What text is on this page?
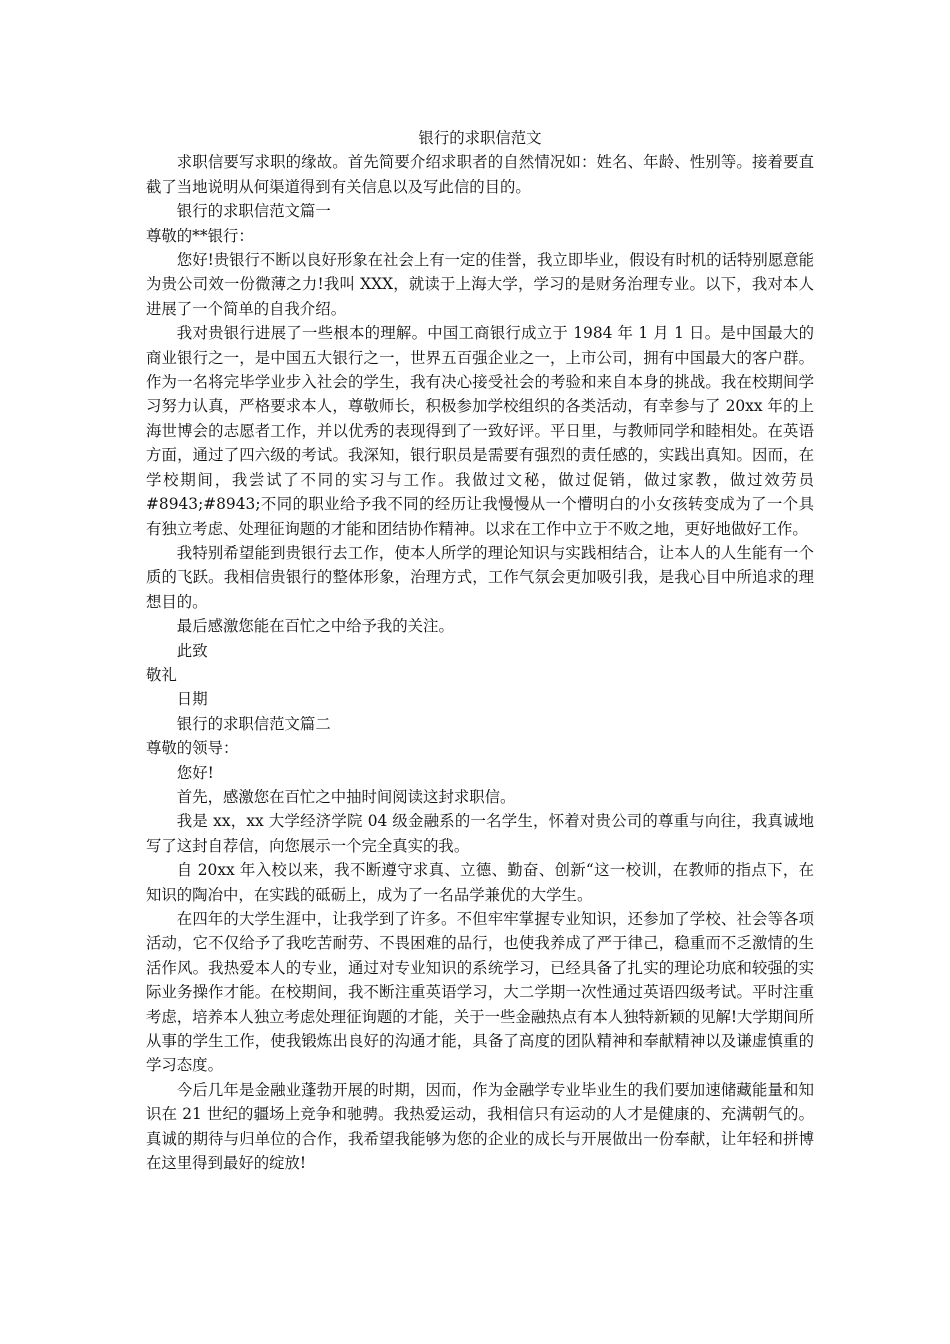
银行的求职信范文

求职信要写求职的缘故。首先简要介绍求职者的自然情况如：姓名、年龄、性别等。接着要直截了当地说明从何渠道得到有关信息以及写此信的目的。

银行的求职信范文篇一

尊敬的**银行：

您好!贵银行不断以良好形象在社会上有一定的佳誉，我立即毕业，假设有时机的话特别愿意能为贵公司效一份微薄之力!我叫 XXX，就读于上海大学，学习的是财务治理专业。以下，我对本人进展了一个简单的自我介绍。

我对贵银行进展了一些根本的理解。中国工商银行成立于 1984 年 1 月 1 日。是中国最大的商业银行之一，是中国五大银行之一，世界五百强企业之一，上市公司，拥有中国最大的客户群。作为一名将完毕学业步入社会的学生，我有决心接受社会的考验和来自本身的挑战。我在校期间学习努力认真，严格要求本人，尊敬师长，积极参加学校组织的各类活动，有幸参与了 20xx 年的上海世博会的志愿者工作，并以优秀的表现得到了一致好评。平日里，与教师同学和睦相处。在英语方面，通过了四六级的考试。我深知，银行职员是需要有强烈的责任感的，实践出真知。因而，在学校期间，我尝试了不同的实习与工作。我做过文秘，做过促销，做过家教，做过效劳员#8943;#8943;不同的职业给予我不同的经历让我慢慢从一个懵明白的小女孩转变成为了一个具有独立考虑、处理征询题的才能和团结协作精神。以求在工作中立于不败之地，更好地做好工作。

我特别希望能到贵银行去工作，使本人所学的理论知识与实践相结合，让本人的人生能有一个质的飞跃。我相信贵银行的整体形象，治理方式，工作气氛会更加吸引我，是我心目中所追求的理想目的。

最后感激您能在百忙之中给予我的关注。

此致

敬礼

日期

银行的求职信范文篇二

尊敬的领导：

您好!

首先，感激您在百忙之中抽时间阅读这封求职信。

我是 xx，xx 大学经济学院 04 级金融系的一名学生，怀着对贵公司的尊重与向往，我真诚地写了这封自荐信，向您展示一个完全真实的我。

自 20xx 年入校以来，我不断遵守求真、立德、勤奋、创新“这一校训，在教师的指点下，在知识的陶冶中，在实践的砥砺上，成为了一名品学兼优的大学生。

在四年的大学生涯中，让我学到了许多。不但牢牢掌握专业知识，还参加了学校、社会等各项活动，它不仅给予了我吃苦耐劳、不畏困难的品行，也使我养成了严于律己，稳重而不乏激情的生活作风。我热爱本人的专业，通过对专业知识的系统学习，已经具备了扎实的理论功底和较强的实际业务操作才能。在校期间，我不断注重英语学习，大二学期一次性通过英语四级考试。平时注重考虑，培养本人独立考虑处理征询题的才能，关于一些金融热点有本人独特新颖的见解!大学期间所从事的学生工作，使我锻炼出良好的沟通才能，具备了高度的团队精神和奉献精神以及谦虚慎重的学习态度。

今后几年是金融业蓬勃开展的时期，因而，作为金融学专业毕业生的我们要加速储藏能量和知识在 21 世纪的疆场上竞争和驰骋。我热爱运动，我相信只有运动的人才是健康的、充满朝气的。真诚的期待与归单位的合作，我希望我能够为您的企业的成长与开展做出一份奉献，让年轻和拼博在这里得到最好的绽放!
